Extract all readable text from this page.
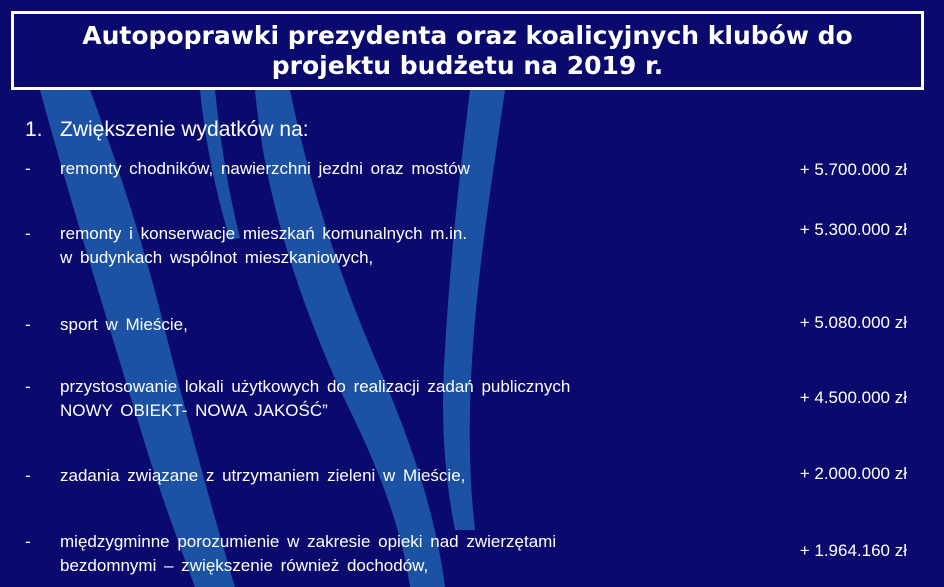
Autopoprawki prezydenta oraz koalicyjnych klubów do
projektu budżetu na 2019 r.
1. Zwiększenie wydatków na:
- remonty chodników, nawierzchni jezdni oraz mostów	+ 5.700.000 zł
- remonty i konserwacje mieszkań komunalnych m.in.
w budynkach wspólnot mieszkaniowych,
+ 5.300.000 zł
- sport w Mieście,	+ 5.080.000 zł
- przystosowanie lokali użytkowych do realizacji zadań publicznych
NOWY OBIEKT- NOWA JAKOŚĆ”
+ 4.500.000 zł
- zadania związane z utrzymaniem zieleni w Mieście,	+ 2.000.000 zł
- międzygminne porozumienie w zakresie opieki nad zwierzętami
bezdomnymi – zwiększenie również dochodów,
+ 1.964.160 zł
